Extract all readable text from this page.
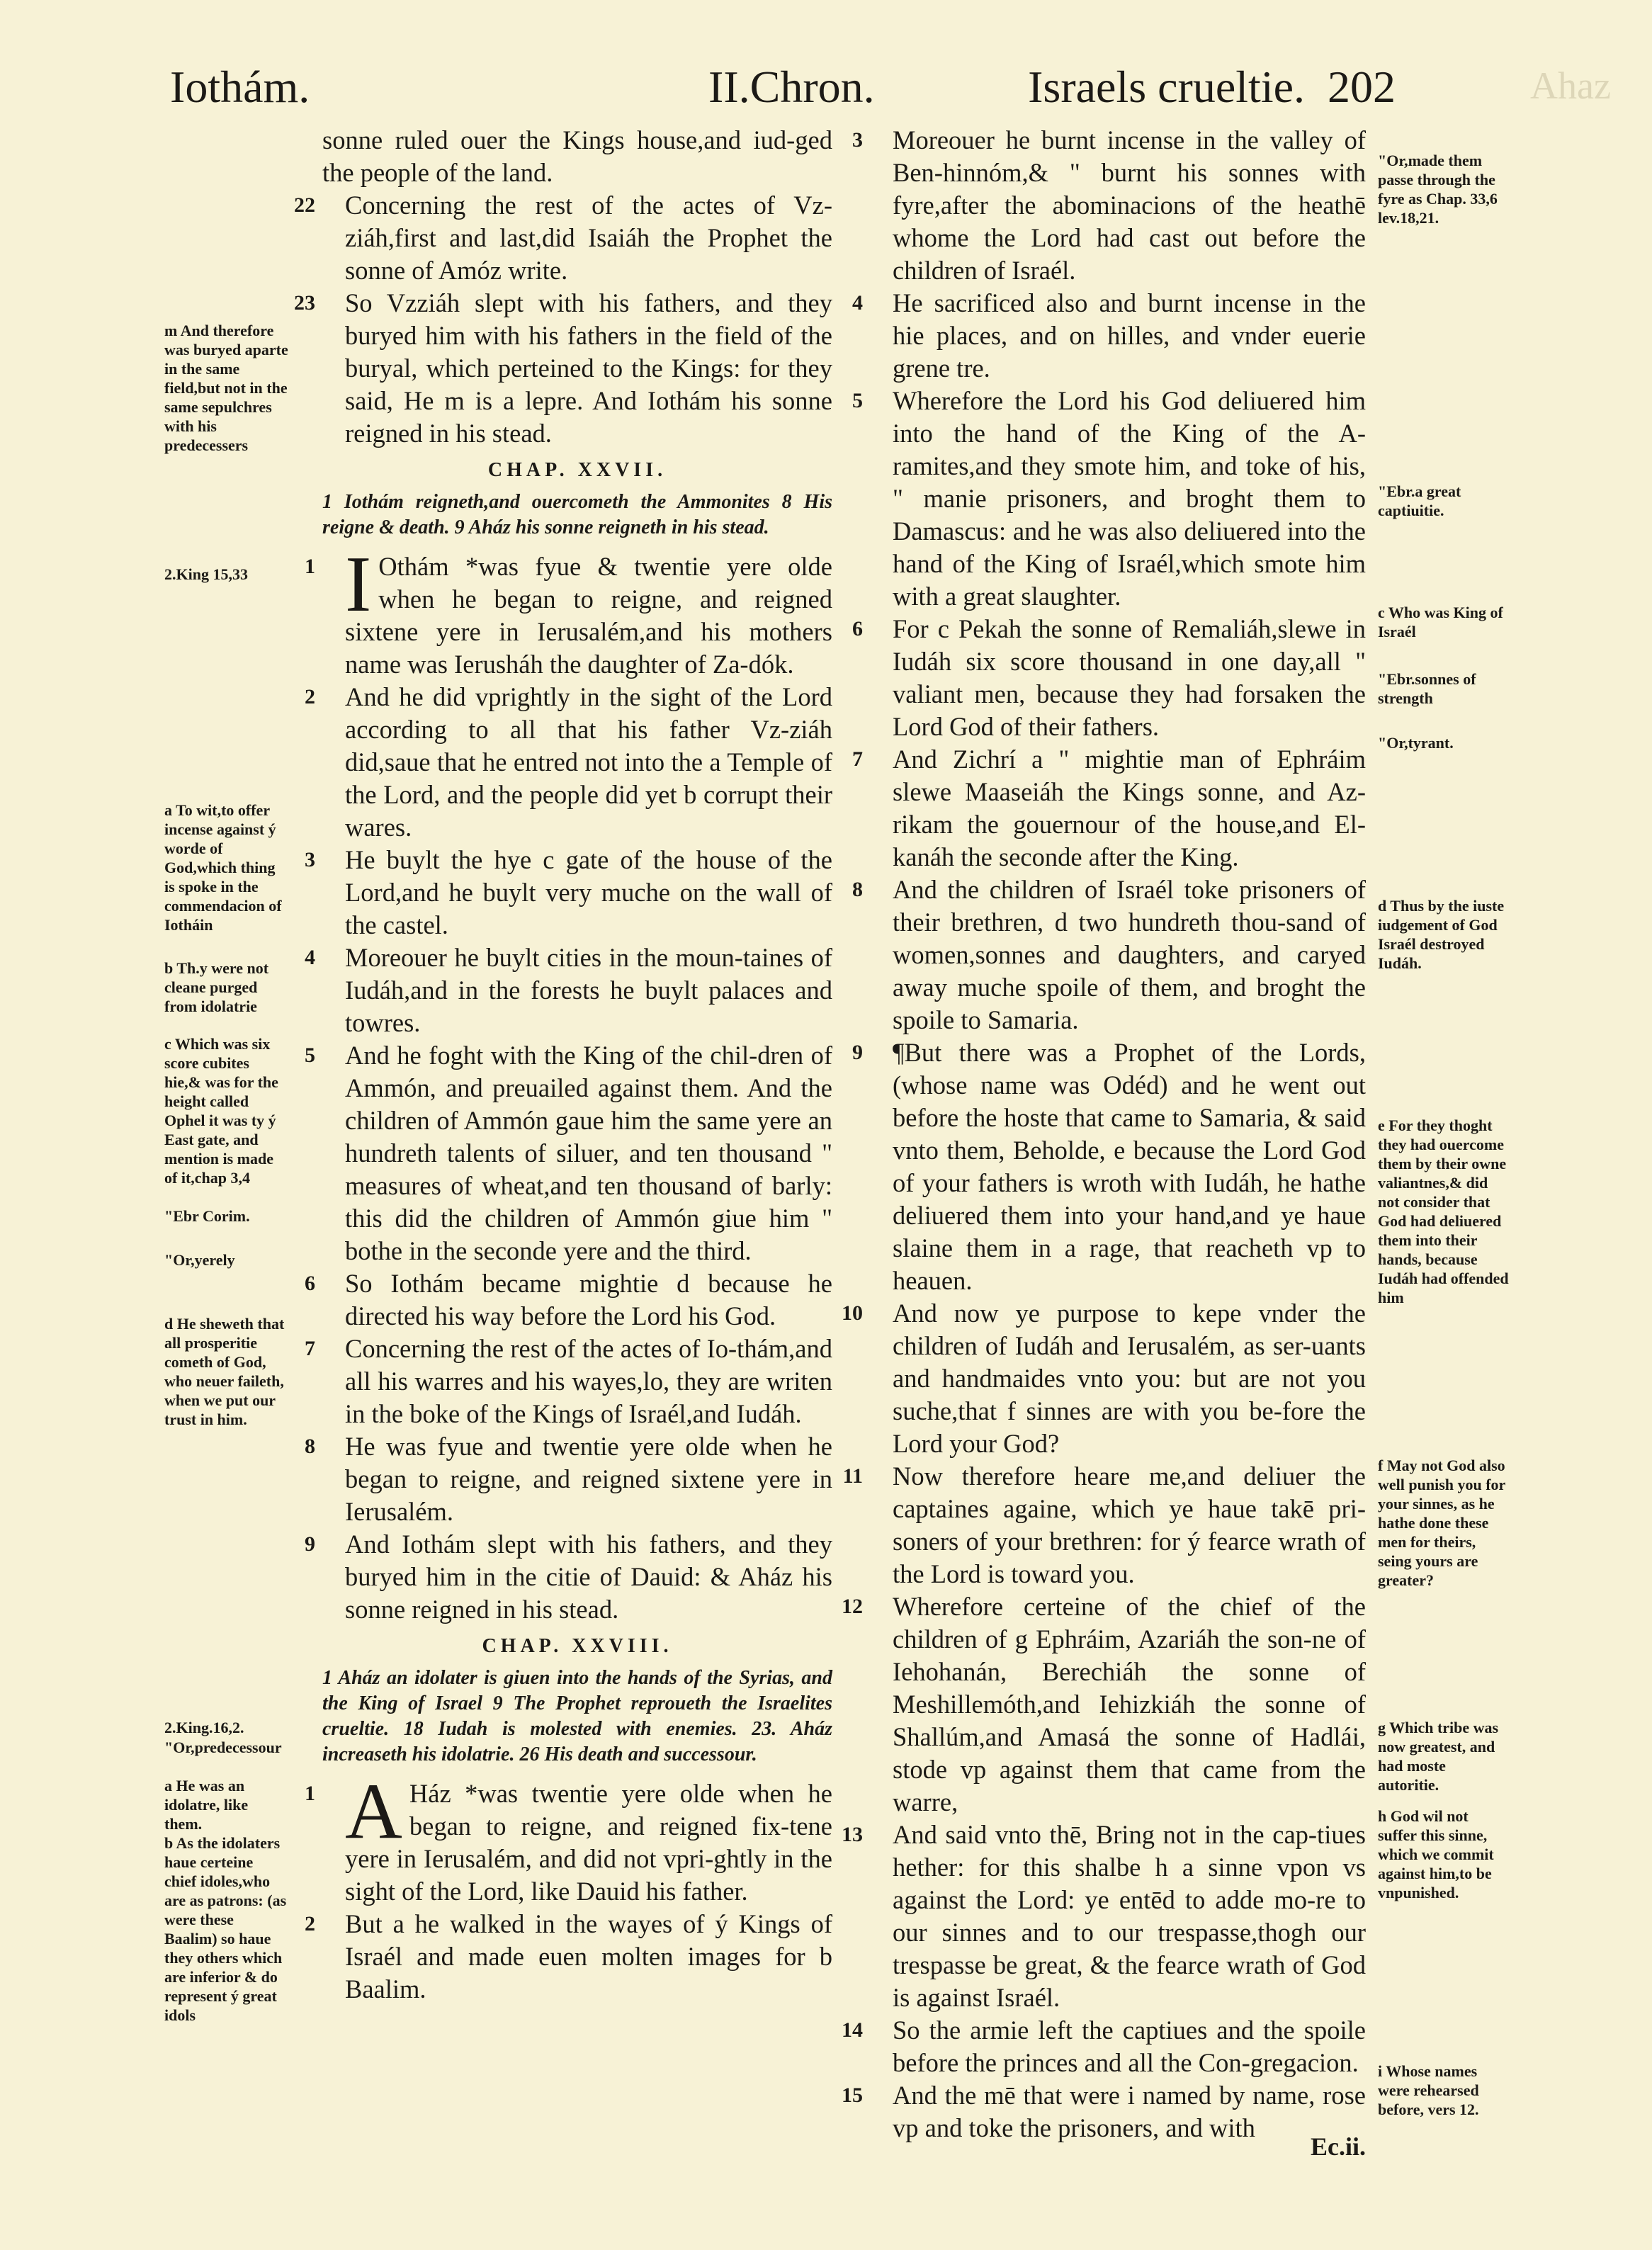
Ahaz
Iothám.	II.Chron.	Israels crueltie. 202

m And therefore was buryed aparte in the same field,but not in the same sepulchres with his predecessers

2.King 15,33

a To wit,to offer incense against ý worde of God,which thing is spoke in the commendacion of Iotháin

b Th.y were not cleane purged from idolatrie

c Which was six score cubites hie,& was for the height called Ophel it was ty ý East gate, and mention is made of it,chap 3,4

"Ebr Corim.

"Or,yerely

d He sheweth that all prosperitie cometh of God, who neuer faileth, when we put our trust in him.

2.King.16,2.

"Or,predecessour

a He was an idolatre, like them.

b As the idolaters haue certeine chief idoles,who are as patrons: (as were these Baalim) so haue they others which are inferior & do represent ý great idols

sonne ruled ouer the Kings house,and iud-ged the people of the land.

22 Concerning the rest of the actes of Vz-ziáh,first and last,did Isaiáh the Prophet the sonne of Amóz write.

23 So Vzziáh slept with his fathers, and they buryed him with his fathers in the field of the buryal, which perteined to the Kings: for they said, He m is a lepre. And Iothám his sonne reigned in his stead.

CHAP. XXVII.

1 Iothám reigneth,and ouercometh the Ammonites 8 His reigne & death. 9 Aház his sonne reigneth in his stead.

1 I Othám *was fyue & twentie yere olde when he began to reigne, and reigned sixtene yere in Ierusalém,and his mothers name was Ierusháh the daughter of Za-dók.

2 And he did vprightly in the sight of the Lord according to all that his father Vz-ziáh did,saue that he entred not into the a Temple of the Lord, and the people did yet b corrupt their wares.

3 He buylt the hye c gate of the house of the Lord,and he buylt very muche on the wall of the castel.

4 Moreouer he buylt cities in the moun-taines of Iudáh,and in the forests he buylt palaces and towres.

5 And he foght with the King of the chil-dren of Ammón, and preuailed against them. And the children of Ammón gaue him the same yere an hundreth talents of siluer, and ten thousand " measures of wheat,and ten thousand of barly: this did the children of Ammón giue him " bothe in the seconde yere and the third.

6 So Iothám became mightie d because he directed his way before the Lord his God.

7 Concerning the rest of the actes of Io-thám,and all his warres and his wayes,lo, they are writen in the boke of the Kings of Israél,and Iudáh.

8 He was fyue and twentie yere olde when he began to reigne, and reigned sixtene yere in Ierusalém.

9 And Iothám slept with his fathers, and they buryed him in the citie of Dauid: & Aház his sonne reigned in his stead.

CHAP. XXVIII.

1 Aház an idolater is giuen into the hands of the Syrias, and the King of Israel 9 The Prophet reproueth the Israelites crueltie. 18 Iudah is molested with enemies. 23. Aház increaseth his idolatrie. 26 His death and successour.

1 A Ház *was twentie yere olde when he began to reigne, and reigned fix-tene yere in Ierusalém, and did not vpri-ghtly in the sight of the Lord, like Dauid his father.

2 But a he walked in the wayes of ý Kings of Israél and made euen molten images for b Baalim.

3 Moreouer he burnt incense in the valley of Ben-hinnóm,& " burnt his sonnes with fyre,after the abominacions of the heathē whome the Lord had cast out before the children of Israél.

4 He sacrificed also and burnt incense in the hie places, and on hilles, and vnder euerie grene tre.

5 Wherefore the Lord his God deliuered him into the hand of the King of the A-ramites,and they smote him, and toke of his, " manie prisoners, and broght them to Damascus: and he was also deliuered into the hand of the King of Israél,which smote him with a great slaughter.

6 For c Pekah the sonne of Remaliáh,slewe in Iudáh six score thousand in one day,all " valiant men, because they had forsaken the Lord God of their fathers.

7 And Zichrí a " mightie man of Ephráim slewe Maaseiáh the Kings sonne, and Az-rikam the gouernour of the house,and El-kanáh the seconde after the King.

8 And the children of Israél toke prisoners of their brethren, d two hundreth thou-sand of women,sonnes and daughters, and caryed away muche spoile of them, and broght the spoile to Samaria.

9 ¶But there was a Prophet of the Lords, (whose name was Odéd) and he went out before the hoste that came to Samaria, & said vnto them, Beholde, e because the Lord God of your fathers is wroth with Iudáh, he hathe deliuered them into your hand,and ye haue slaine them in a rage, that reacheth vp to heauen.

10 And now ye purpose to kepe vnder the children of Iudáh and Ierusalém, as ser-uants and handmaides vnto you: but are not you suche,that f sinnes are with you be-fore the Lord your God?

11 Now therefore heare me,and deliuer the captaines againe, which ye haue takē pri-soners of your brethren: for ý fearce wrath of the Lord is toward you.

12 Wherefore certeine of the chief of the children of g Ephráim, Azariáh the son-ne of Iehohanán, Berechiáh the sonne of Meshillemóth,and Iehizkiáh the sonne of Shallúm,and Amasá the sonne of Hadlái, stode vp against them that came from the warre,

13 And said vnto thē, Bring not in the cap-tiues hether: for this shalbe h a sinne vpon vs against the Lord: ye entēd to adde mo-re to our sinnes and to our trespasse,thogh our trespasse be great, & the fearce wrath of God is against Israél.

14 So the armie left the captiues and the spoile before the princes and all the Con-gregacion.

15 And the mē that were i named by name, rose vp and toke the prisoners, and with

Ec.ii.

"Or,made them passe through the fyre as Chap. 33,6 lev.18,21.

"Ebr.a great captiuitie.

c Who was King of Israél

"Ebr.sonnes of strength

"Or,tyrant.

d Thus by the iuste iudgement of God Israél destroyed Iudáh.

e For they thoght they had ouercome them by their owne valiantnes,& did not consider that God had deliuered them into their hands, because Iudáh had offended him

f May not God also well punish you for your sinnes, as he hathe done these men for theirs, seing yours are greater?

g Which tribe was now greatest, and had moste autoritie.

h God wil not suffer this sinne, which we commit against him,to be vnpunished.

i Whose names were rehearsed before, vers 12.
